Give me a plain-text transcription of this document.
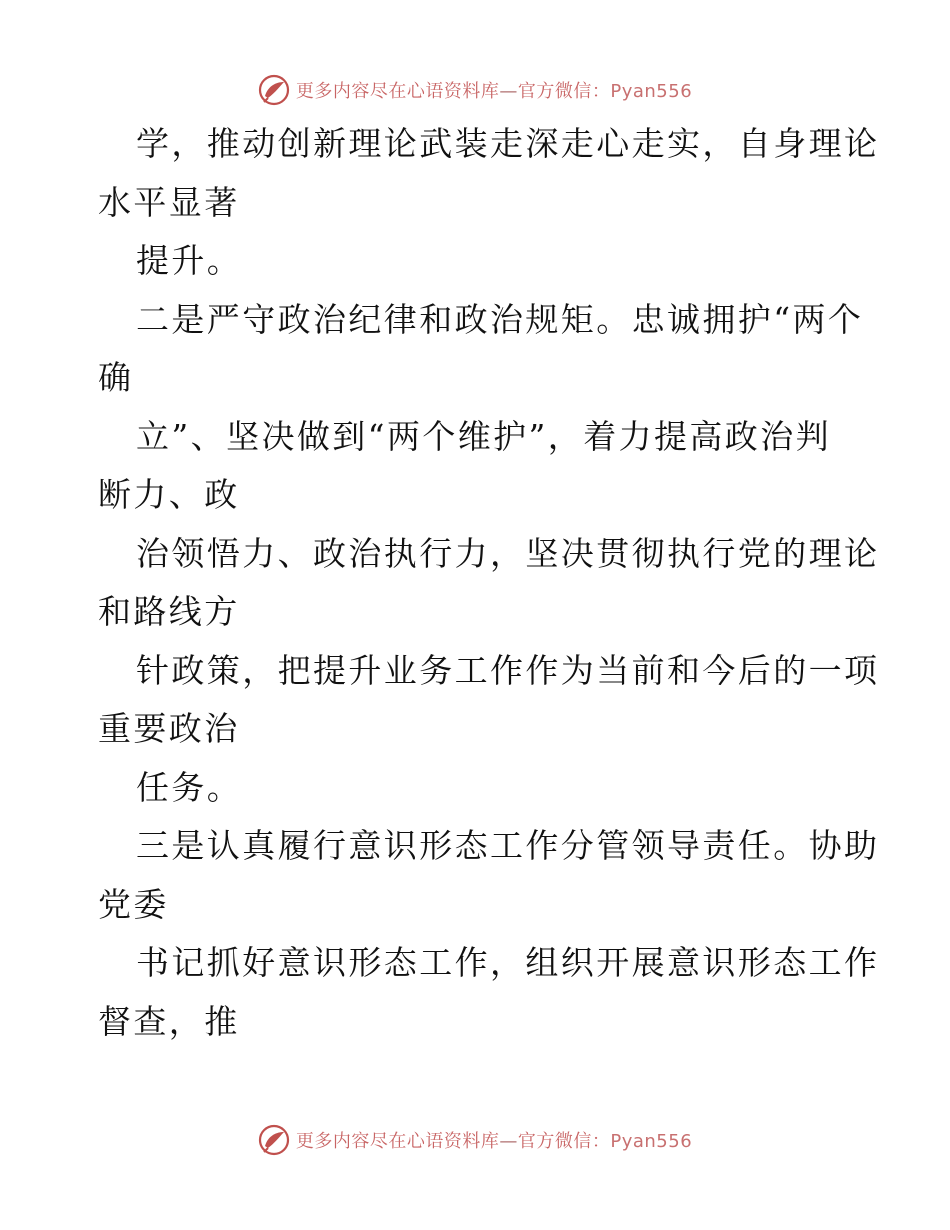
更多内容尽在心语资料库—官方微信：Pyan556
学，推动创新理论武装走深走心走实，自身理论
水平显著
提升。
二是严守政治纪律和政治规矩。忠诚拥护“两个
确
立”、坚决做到“两个维护”，着力提高政治判
断力、政
治领悟力、政治执行力，坚决贯彻执行党的理论
和路线方
针政策，把提升业务工作作为当前和今后的一项
重要政治
任务。
三是认真履行意识形态工作分管领导责任。协助
党委
书记抓好意识形态工作，组织开展意识形态工作
督查，推
更多内容尽在心语资料库—官方微信：Pyan556
